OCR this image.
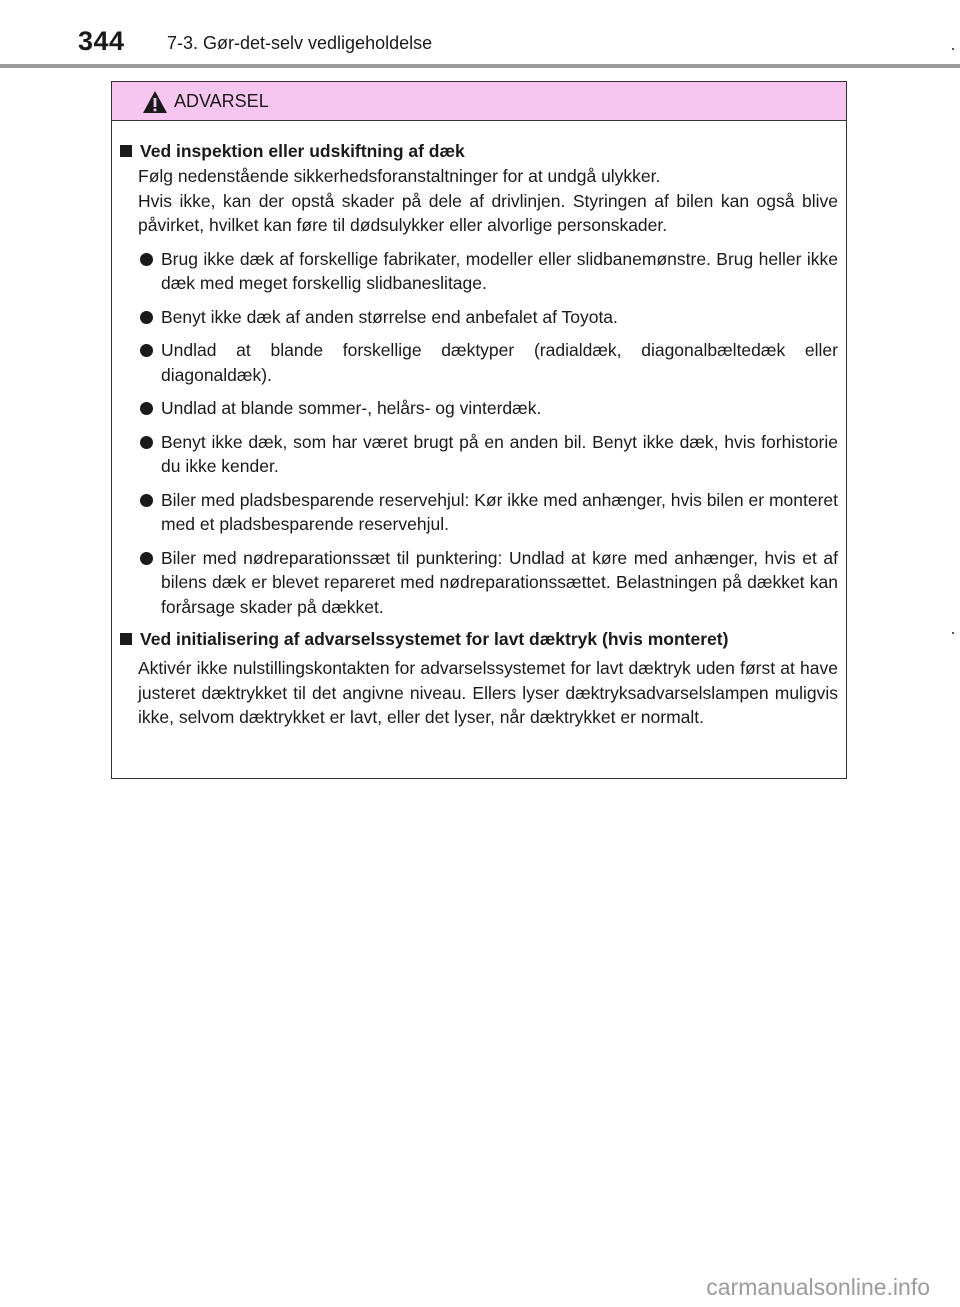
344 7-3. Gør-det-selv vedligeholdelse
ADVARSEL
Ved inspektion eller udskiftning af dæk
Følg nedenstående sikkerhedsforanstaltninger for at undgå ulykker.
Hvis ikke, kan der opstå skader på dele af drivlinjen. Styringen af bilen kan også blive påvirket, hvilket kan føre til dødsulykker eller alvorlige personskader.
Brug ikke dæk af forskellige fabrikater, modeller eller slidbanemønstre. Brug heller ikke dæk med meget forskellig slidbaneslitage.
Benyt ikke dæk af anden størrelse end anbefalet af Toyota.
Undlad at blande forskellige dæktyper (radialdæk, diagonalbæltedæk eller diagonaldæk).
Undlad at blande sommer-, helårs- og vinterdæk.
Benyt ikke dæk, som har været brugt på en anden bil. Benyt ikke dæk, hvis forhistorie du ikke kender.
Biler med pladsbesparende reservehjul: Kør ikke med anhænger, hvis bilen er monteret med et pladsbesparende reservehjul.
Biler med nødreparationssæt til punktering: Undlad at køre med anhænger, hvis et af bilens dæk er blevet repareret med nødreparationssættet. Belastningen på dækket kan forårsage skader på dækket.
Ved initialisering af advarselssystemet for lavt dæktryk (hvis monteret)
Aktivér ikke nulstillingskontakten for advarselssystemet for lavt dæktryk uden først at have justeret dæktrykket til det angivne niveau. Ellers lyser dæktryksadvarselslampen muligvis ikke, selvom dæktrykket er lavt, eller det lyser, når dæktrykket er normalt.
carmanualsonline.info
